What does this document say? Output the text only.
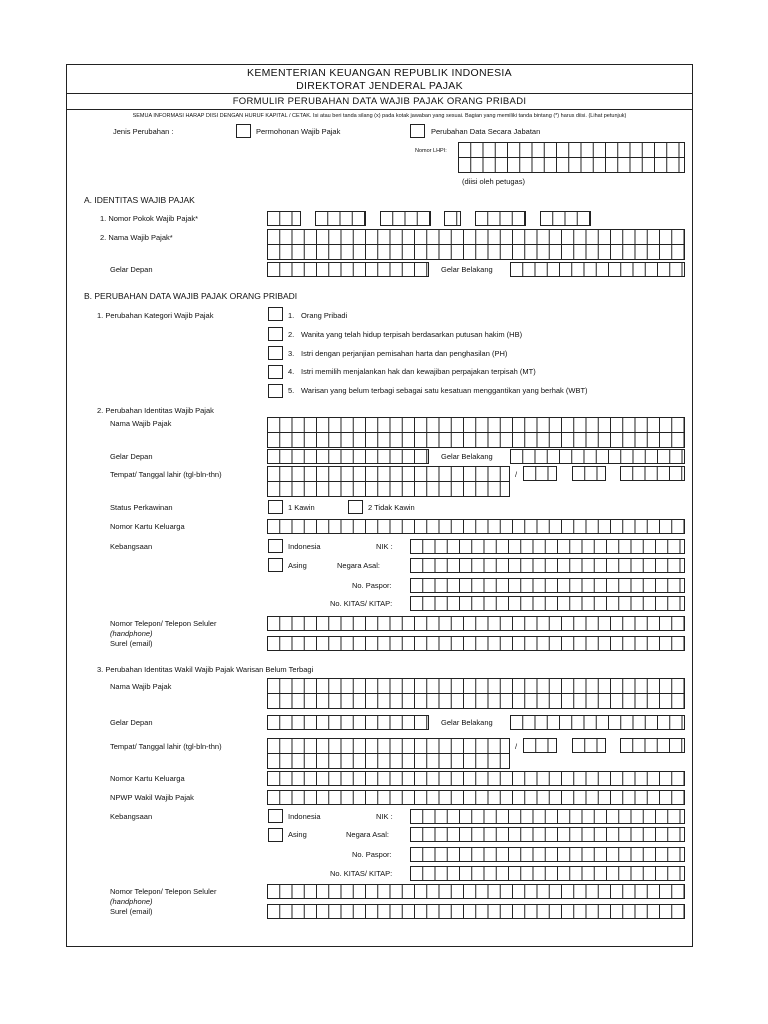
KEMENTERIAN KEUANGAN REPUBLIK INDONESIA
DIREKTORAT JENDERAL PAJAK
FORMULIR PERUBAHAN DATA WAJIB PAJAK ORANG PRIBADI
SEMUA INFORMASI HARAP DIISI DENGAN HURUF KAPITAL / CETAK. Isi atau beri tanda silang (x) pada kotak jawaban yang sesuai. Bagian yang memiliki tanda bintang (*) harus diisi. (Lihat petunjuk)
Jenis Perubahan :	Permohonan Wajib Pajak	Perubahan Data Secara Jabatan
Nomor LHPI:
(diisi oleh petugas)
A. IDENTITAS WAJIB PAJAK
1. Nomor Pokok Wajib Pajak*
2. Nama Wajib Pajak*
Gelar Depan	Gelar Belakang
B. PERUBAHAN DATA WAJIB PAJAK ORANG PRIBADI
1. Perubahan Kategori Wajib Pajak	1. Orang Pribadi
2. Wanita yang telah hidup terpisah berdasarkan putusan hakim (HB)
3. Istri dengan perjanjian pemisahan harta dan penghasilan (PH)
4. Istri memilih menjalankan hak dan kewajiban perpajakan terpisah (MT)
5. Warisan yang belum terbagi sebagai satu kesatuan menggantikan yang berhak (WBT)
2. Perubahan Identitas Wajib Pajak
Nama Wajib Pajak
Gelar Depan	Gelar Belakang
Tempat/ Tanggal lahir (tgl-bln-thn)	/
Status Perkawinan	1 Kawin	2 Tidak Kawin
Nomor Kartu Keluarga
Kebangsaan	Indonesia	NIK :
Asing	Negara Asal:
No. Paspor:
No. KITAS/ KITAP:
Nomor Telepon/ Telepon Seluler
(handphone)
Surel (email)
3. Perubahan Identitas Wakil Wajib Pajak Warisan Belum Terbagi
Nama Wajib Pajak
Gelar Depan	Gelar Belakang
Tempat/ Tanggal lahir (tgl-bln-thn)	/
Nomor Kartu Keluarga
NPWP Wakil Wajib Pajak
Kebangsaan	Indonesia	NIK :
Asing	Negara Asal:
No. Paspor:
No. KITAS/ KITAP:
Nomor Telepon/ Telepon Seluler
(handphone)
Surel (email)
